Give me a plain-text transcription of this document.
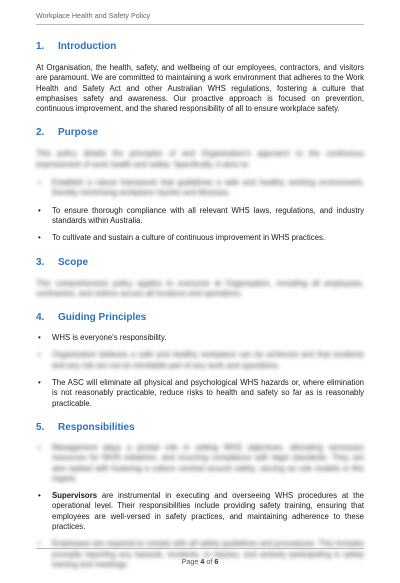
Workplace Health and Safety Policy
1.	Introduction

At Organisation, the health, safety, and wellbeing of our employees, contractors, and visitors are paramount. We are committed to maintaining a work environment that adheres to the Work Health and Safety Act and other Australian WHS regulations, fostering a culture that emphasises safety and awareness. Our proactive approach is focused on prevention, continuous improvement, and the shared responsibility of all to ensure workplace safety.

2.	Purpose

This policy details the principles of and Organisation's approach to the continuous improvement of work health and safety. Specifically, it aims to:

• Establish a robust framework that guidelines a safe and healthy working environment, thereby minimising workplace injuries and illnesses.
• To ensure thorough compliance with all relevant WHS laws, regulations, and industry standards within Australia.
• To cultivate and sustain a culture of continuous improvement in WHS practices.
3.	Scope

This comprehensive policy applies to everyone at Organisation, including all employees, contractors, and visitors across all locations and operations.

4.	Guiding Principles
• WHS is everyone's responsibility.
• Organisation believes a safe and healthy workplace can be achieved and that incidents and any risk are not an inevitable part of any work and operations.
• The ASC will eliminate all physical and psychological WHS hazards or, where elimination is not reasonably practicable, reduce risks to health and safety so far as is reasonably practicable.
5.	Responsibilities
• Management plays a pivotal role in setting WHS objectives, allocating necessary resources for WHS initiatives, and ensuring compliance with legal standards. They are also tasked with fostering a culture centred around safety, serving as role models in this regard.
• Supervisors are instrumental in executing and overseeing WHS procedures at the operational level. Their responsibilities include providing safety training, ensuring that employees are well-versed in safety practices, and maintaining adherence to these practices.
• Employees are required to comply with all safety guidelines and procedures. This includes promptly reporting any hazards, incidents, or injuries, and actively participating in safety training and meetings.	Page 4 of 6
